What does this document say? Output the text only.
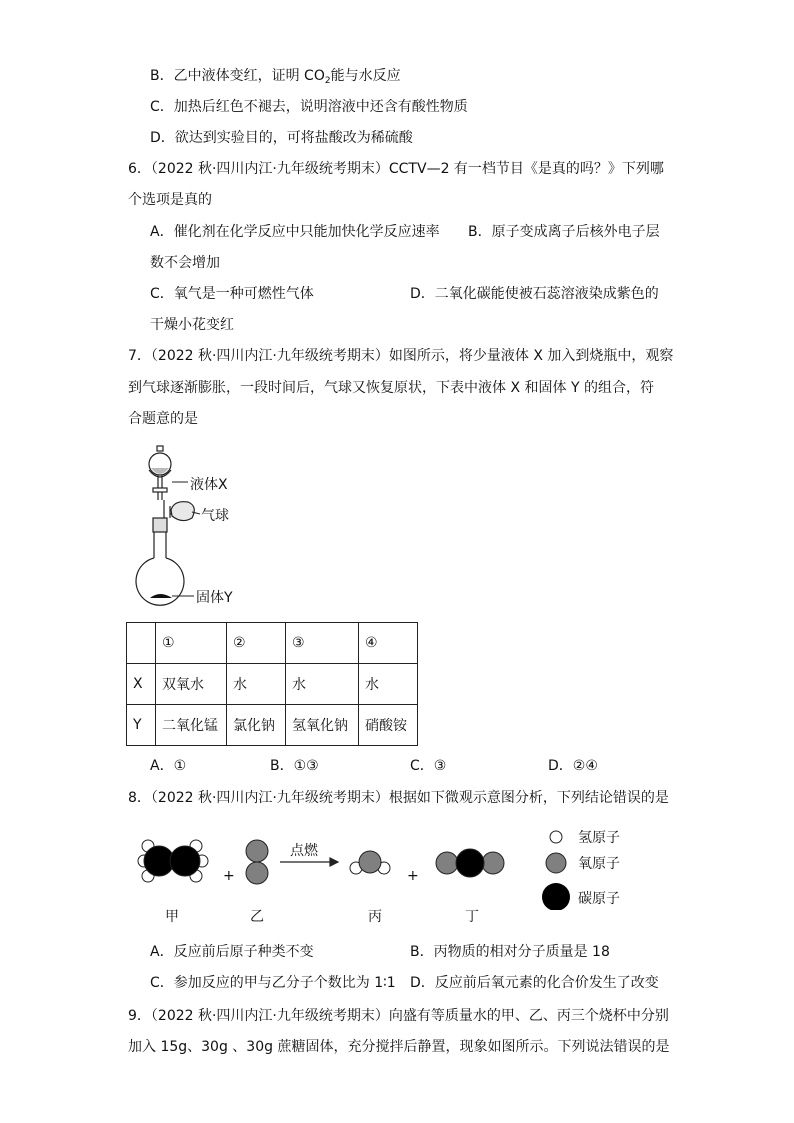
B．乙中液体变红，证明 $CO_2$能与水反应
C．加热后红色不褪去，说明溶液中还含有酸性物质
D．欲达到实验目的，可将盐酸改为稀硫酸
6．（2022 秋·四川内江·九年级统考期末）CCTV—2 有一档节目《是真的吗？》下列哪
个选项是真的
A．催化剂在化学反应中只能加快化学反应速率 B．原子变成离子后核外电子层
数不会增加
C．氧气是一种可燃性气体	D．二氧化碳能使被石蕊溶液染成紫色的
干燥小花变红
7．（2022 秋·四川内江·九年级统考期末）如图所示，将少量液体 X 加入到烧瓶中，观察
到气球逐渐膨胀，一段时间后，气球又恢复原状，下表中液体 X 和固体 Y 的组合，符
合题意的是
液体X
气球
固体Y
	①	②	③	④
X	双氧水	水	水	水
Y	二氧化锰	氯化钠	氢氧化钠	硝酸铵
A．①	B．①③	C．③	D．②④
8．（2022 秋·四川内江·九年级统考期末）根据如下微观示意图分析，下列结论错误的是
+	+
点燃
甲	乙	丙	丁
氢原子
氧原子
碳原子
A．反应前后原子种类不变	B．丙物质的相对分子质量是 18
C．参加反应的甲与乙分子个数比为 1∶1 D．反应前后氧元素的化合价发生了改变
9．（2022 秋·四川内江·九年级统考期末）向盛有等质量水的甲、乙、丙三个烧杯中分别
加入 15g、30g 、30g 蔗糖固体，充分搅拌后静置，现象如图所示。下列说法错误的是
